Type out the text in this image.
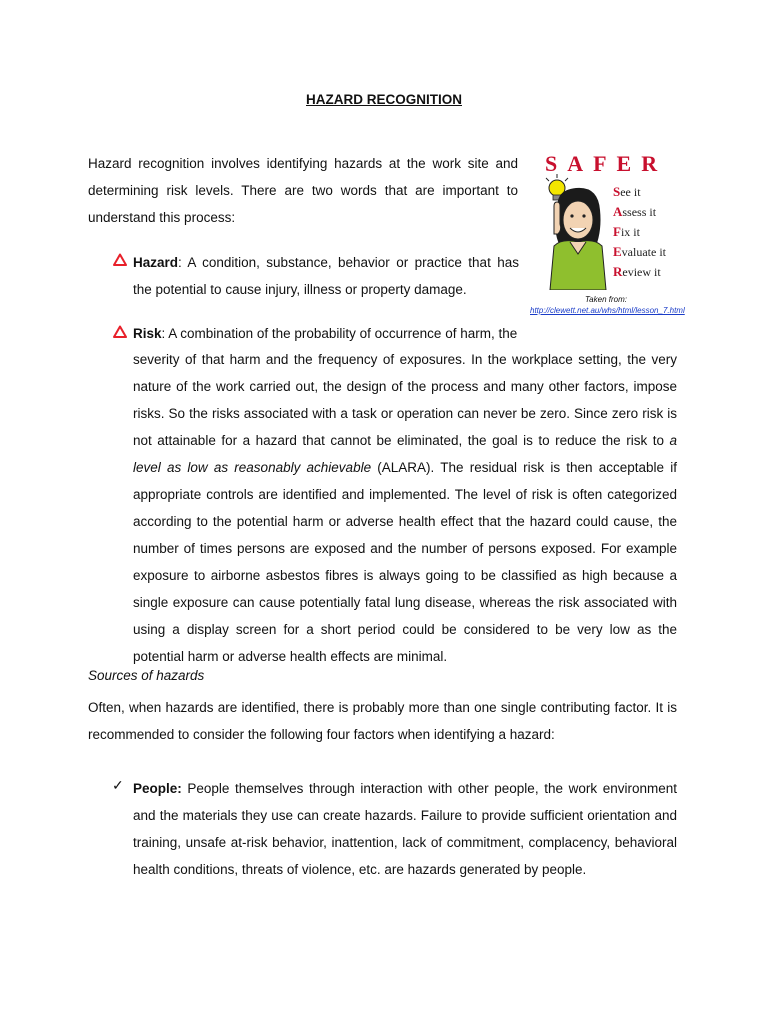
HAZARD RECOGNITION
Hazard recognition involves identifying hazards at the work site and determining risk levels. There are two words that are important to understand this process:
SAFER
See it
Assess it
Fix it
Evaluate it
Review it
Taken from:
http://clewett.net.au/whs/html/lesson_7.html
Hazard: A condition, substance, behavior or practice that has the potential to cause injury, illness or property damage.
Risk: A combination of the probability of occurrence of harm, the
severity of that harm and the frequency of exposures. In the workplace setting, the very nature of the work carried out, the design of the process and many other factors, impose risks. So the risks associated with a task or operation can never be zero. Since zero risk is not attainable for a hazard that cannot be eliminated, the goal is to reduce the risk to a level as low as reasonably achievable (ALARA). The residual risk is then acceptable if appropriate controls are identified and implemented. The level of risk is often categorized according to the potential harm or adverse health effect that the hazard could cause, the number of times persons are exposed and the number of persons exposed. For example exposure to airborne asbestos fibres is always going to be classified as high because a single exposure can cause potentially fatal lung disease, whereas the risk associated with using a display screen for a short period could be considered to be very low as the potential harm or adverse health effects are minimal.
Sources of hazards
Often, when hazards are identified, there is probably more than one single contributing factor. It is recommended to consider the following four factors when identifying a hazard:
✓ People: People themselves through interaction with other people, the work environment and the materials they use can create hazards. Failure to provide sufficient orientation and training, unsafe at-risk behavior, inattention, lack of commitment, complacency, behavioral health conditions, threats of violence, etc. are hazards generated by people.
